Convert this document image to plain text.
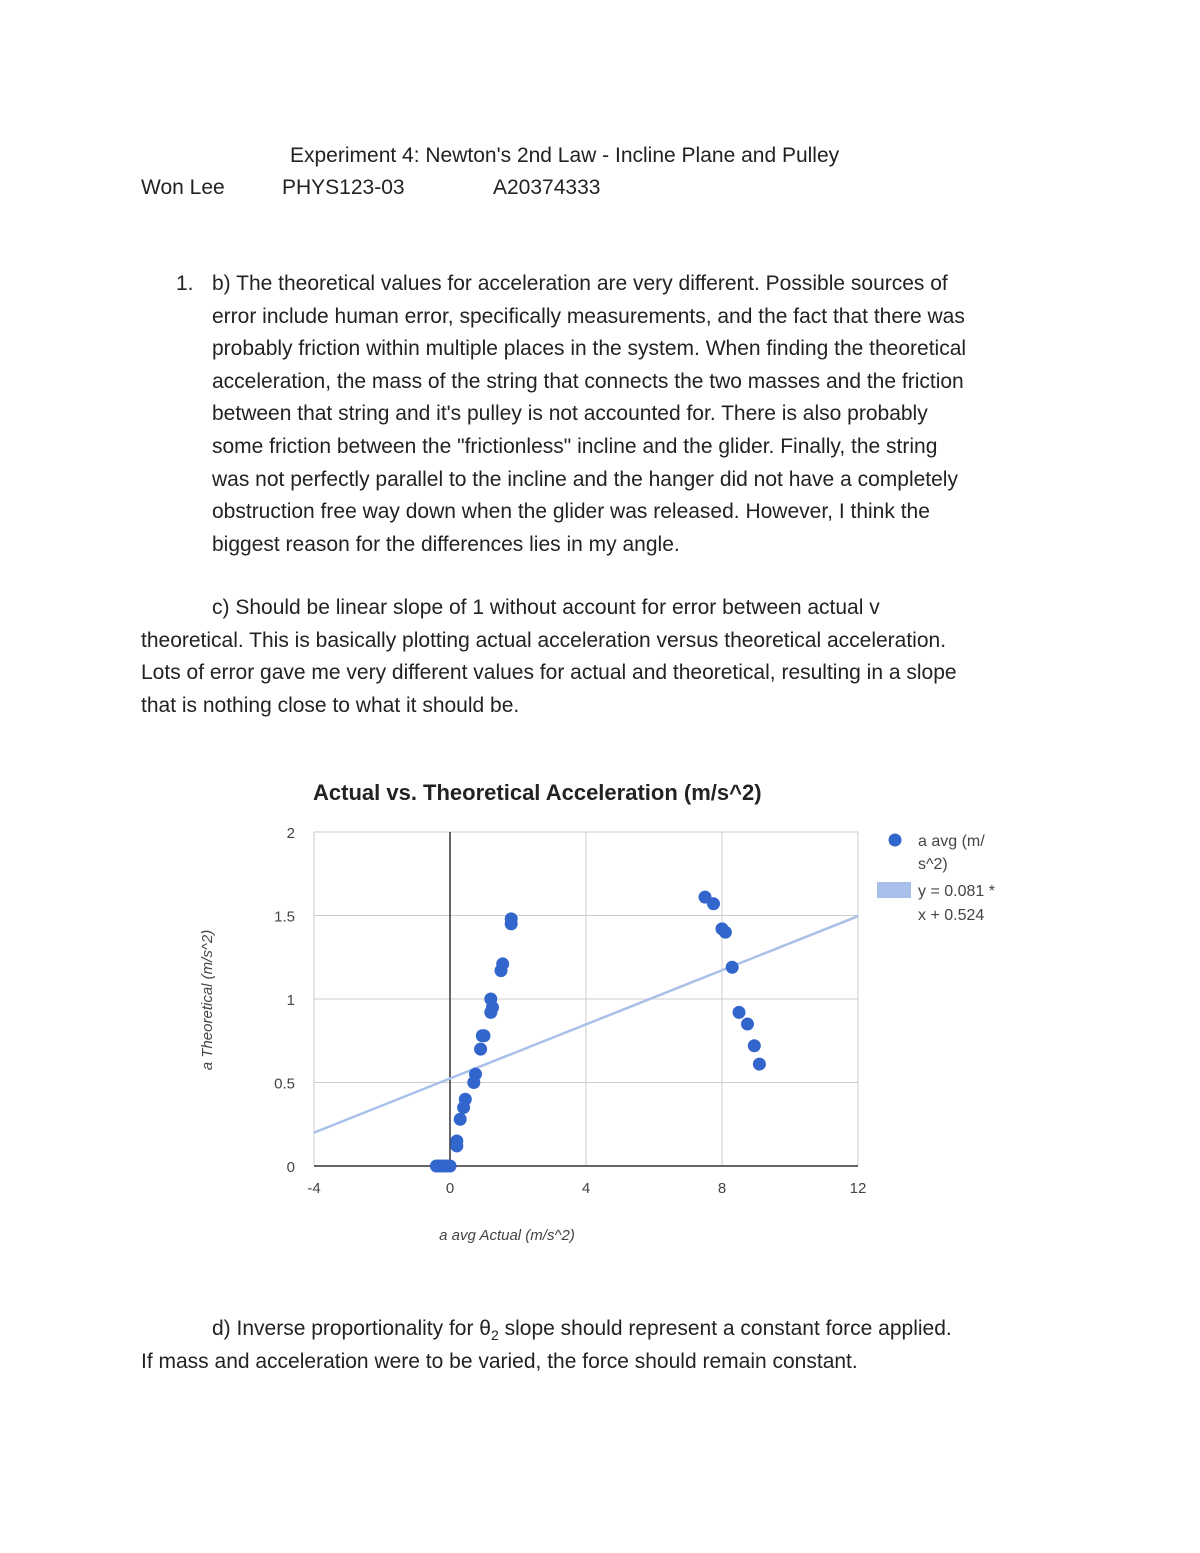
Experiment 4: Newton's 2nd Law - Incline Plane and Pulley
Won Lee	PHYS123-03	A20374333
1. b) The theoretical values for acceleration are very different. Possible sources of
error include human error, specifically measurements, and the fact that there was
probably friction within multiple places in the system. When finding the theoretical
acceleration, the mass of the string that connects the two masses and the friction
between that string and it's pulley is not accounted for. There is also probably
some friction between the "frictionless" incline and the glider. Finally, the string
was not perfectly parallel to the incline and the hanger did not have a completely
obstruction free way down when the glider was released. However, I think the
biggest reason for the differences lies in my angle.
c) Should be linear slope of 1 without account for error between actual v
theoretical. This is basically plotting actual acceleration versus theoretical acceleration.
Lots of error gave me very different values for actual and theoretical, resulting in a slope
that is nothing close to what it should be.
Actual vs. Theoretical Acceleration (m/s^2)
0
0.5
1
1.5
2
-4	0	4	8	12
a avg Actual (m/s^2)
a Theoretical (m/s^2)
a avg (m/
s^2)
y = 0.081 *
x + 0.524
d) Inverse proportionality for $\theta_2$ slope should represent a constant force applied.
If mass and acceleration were to be varied, the force should remain constant.
